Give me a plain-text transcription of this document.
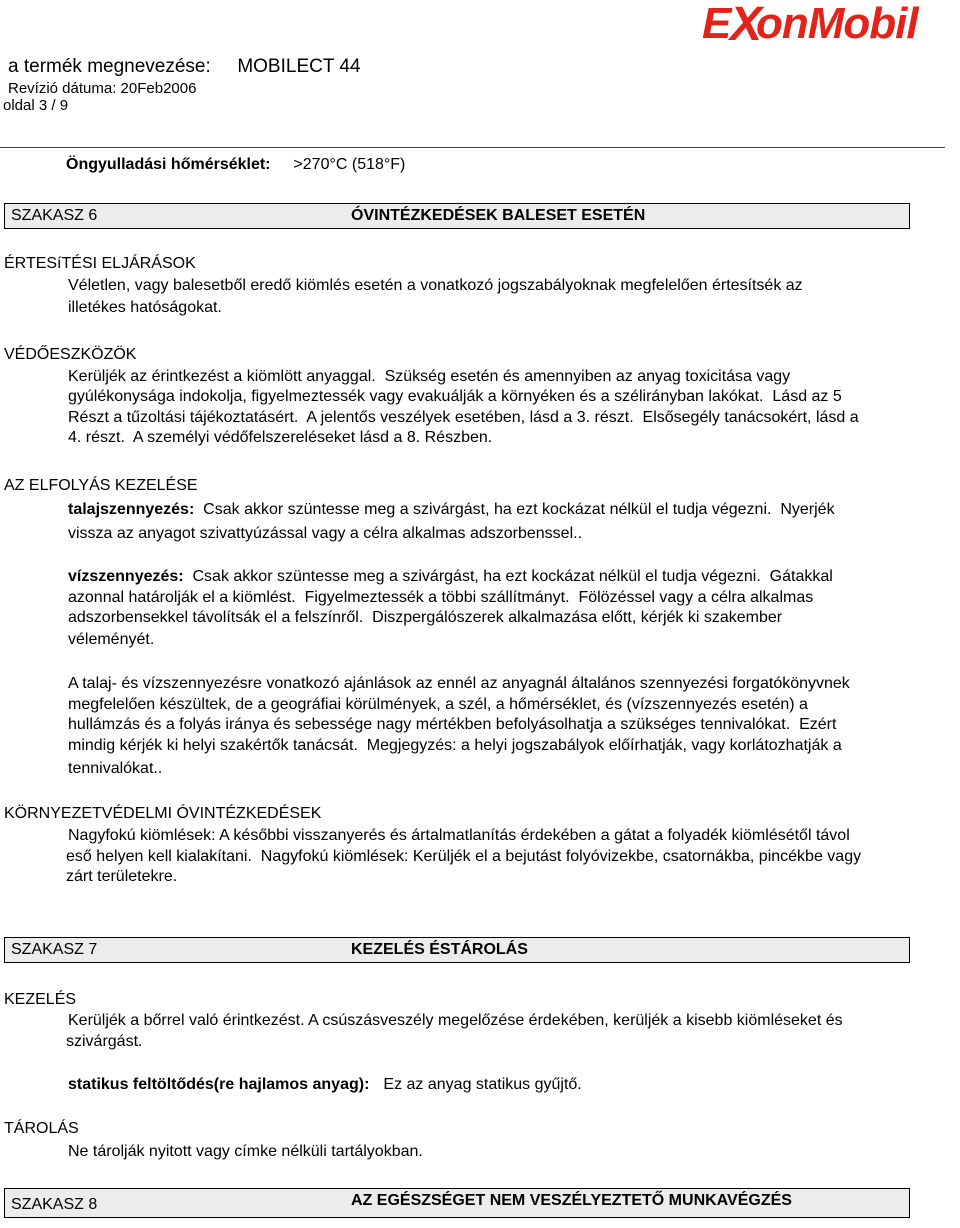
E X
onMobil
a termék megnevezése: MOBILECT 44
Revízió dátuma: 20Feb2006
oldal 3 / 9
Öngyulladási hőmérséklet: >270°C (518°F)
SZAKASZ 6	ÓVINTÉZKEDÉSEK BALESET ESETÉN
ÉRTESíTÉSI ELJÁRÁSOK
Véletlen, vagy balesetből eredő kiömlés esetén a vonatkozó jogszabályoknak megfelelően értesítsék az
illetékes hatóságokat.
VÉDŐESZKÖZÖK
Kerüljék az érintkezést a kiömlött anyaggal.  Szükség esetén és amennyiben az anyag toxicitása vagy
gyúlékonysága indokolja, figyelmeztessék vagy evakuálják a környéken és a szélirányban lakókat.  Lásd az 5
Részt a tűzoltási tájékoztatásért.  A jelentős veszélyek esetében, lásd a 3. részt.  Elsősegély tanácsokért, lásd a
4. részt.  A személyi védőfelszereléseket lásd a 8. Részben.
AZ ELFOLYÁS KEZELÉSE
talajszennyezés:  Csak akkor szüntesse meg a szivárgást, ha ezt kockázat nélkül el tudja végezni.  Nyerjék
vissza az anyagot szivattyúzással vagy a célra alkalmas adszorbenssel..
vízszennyezés:  Csak akkor szüntesse meg a szivárgást, ha ezt kockázat nélkül el tudja végezni.  Gátakkal
azonnal határolják el a kiömlést.  Figyelmeztessék a többi szállítmányt.  Fölözéssel vagy a célra alkalmas
adszorbensekkel távolítsák el a felszínről.  Diszpergálószerek alkalmazása előtt, kérjék ki szakember
véleményét.
A talaj- és vízszennyezésre vonatkozó ajánlások az ennél az anyagnál általános szennyezési forgatókönyvnek
megfelelően készültek, de a geográfiai körülmények, a szél, a hőmérséklet, és (vízszennyezés esetén) a
hullámzás és a folyás iránya és sebessége nagy mértékben befolyásolhatja a szükséges tennivalókat.  Ezért
mindig kérjék ki helyi szakértők tanácsát.  Megjegyzés: a helyi jogszabályok előírhatják, vagy korlátozhatják a
tennivalókat..
KÖRNYEZETVÉDELMI ÓVINTÉZKEDÉSEK
Nagyfokú kiömlések: A későbbi visszanyerés és ártalmatlanítás érdekében a gátat a folyadék kiömlésétől távol
eső helyen kell kialakítani.  Nagyfokú kiömlések: Kerüljék el a bejutást folyóvizekbe, csatornákba, pincékbe vagy
zárt területekre.
SZAKASZ 7	KEZELÉS ÉSTÁROLÁS
KEZELÉS
Kerüljék a bőrrel való érintkezést. A csúszásveszély megelőzése érdekében, kerüljék a kisebb kiömléseket és
szivárgást.
statikus feltöltődés(re hajlamos anyag): Ez az anyag statikus gyűjtő.
TÁROLÁS
Ne tárolják nyitott vagy címke nélküli tartályokban.
SZAKASZ 8	AZ EGÉSZSÉGET NEM VESZÉLYEZTETŐ MUNKAVÉGZÉS
